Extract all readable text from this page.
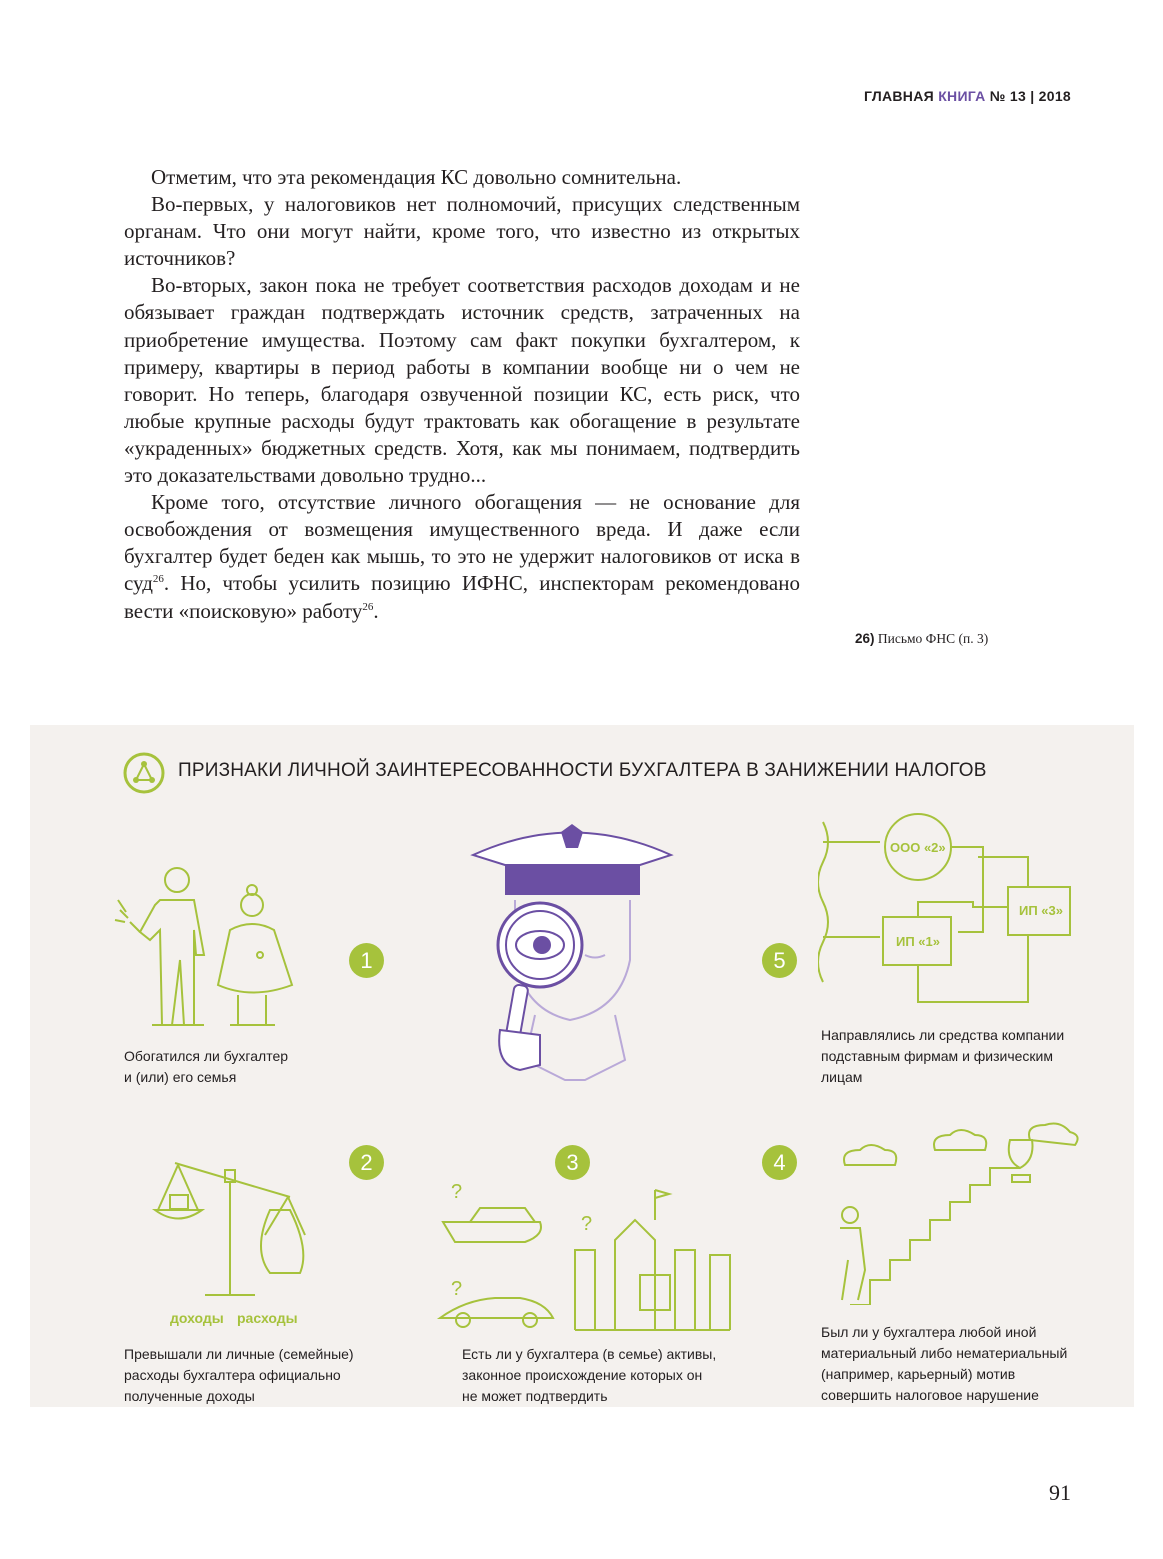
ГЛАВНАЯ КНИГА № 13 | 2018

Отметим, что эта рекомендация КС довольно сомнительна.

Во-первых, у налоговиков нет полномочий, присущих следственным органам. Что они могут найти, кроме того, что известно из открытых источников?

Во-вторых, закон пока не требует соответствия расходов доходам и не обязывает граждан подтверждать источник средств, затраченных на приобретение имущества. Поэтому сам факт покупки бухгалтером, к примеру, квартиры в период работы в компании вообще ни о чем не говорит. Но теперь, благодаря озвученной позиции КС, есть риск, что любые крупные расходы будут трактовать как обогащение в результате «украденных» бюджетных средств. Хотя, как мы понимаем, подтвердить это доказательствами довольно трудно...

Кроме того, отсутствие личного обогащения — не основание для освобождения от возмещения имущественного вреда. И даже если бухгалтер будет беден как мышь, то это не удержит налоговиков от иска в суд$^{26}$. Но, чтобы усилить позицию ИФНС, инспекторам рекомендовано вести «поисковую» работу$^{26}$.

26) Письмо ФНС (п. 3)
ПРИЗНАКИ ЛИЧНОЙ ЗАИНТЕРЕСОВАННОСТИ БУХГАЛТЕРА В ЗАНИЖЕНИИ НАЛОГОВ
1	5
2	3	4
ООО «2»
ИП «3»
ИП «1»
доходы расходы
?
?
?
Обогатился ли бухгалтер
и (или) его семья
Направлялись ли средства компании
подставным фирмам и физическим
лицам
Превышали ли личные (семейные)
расходы бухгалтера официально
полученные доходы
Есть ли у бухгалтера (в семье) активы,
законное происхождение которых он
не может подтвердить
Был ли у бухгалтера любой иной
материальный либо нематериальный
(например, карьерный) мотив
совершить налоговое нарушение
91
